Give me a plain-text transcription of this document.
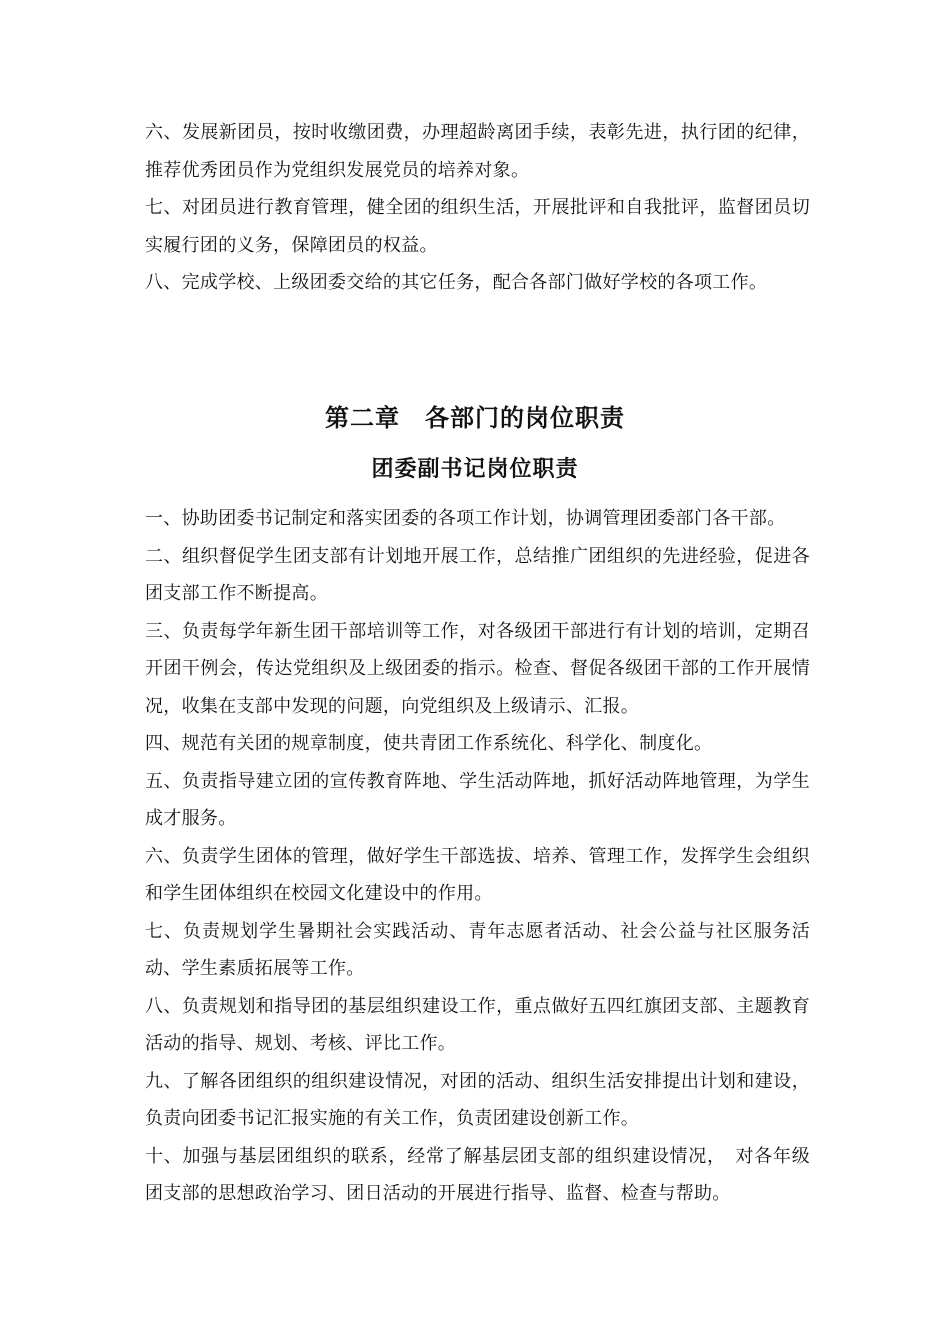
六、发展新团员，按时收缴团费，办理超龄离团手续，表彰先进，执行团的纪律，推荐优秀团员作为党组织发展党员的培养对象。

七、对团员进行教育管理，健全团的组织生活，开展批评和自我批评，监督团员切实履行团的义务，保障团员的权益。

八、完成学校、上级团委交给的其它任务，配合各部门做好学校的各项工作。

第二章　各部门的岗位职责
团委副书记岗位职责

一、协助团委书记制定和落实团委的各项工作计划，协调管理团委部门各干部。

二、组织督促学生团支部有计划地开展工作，总结推广团组织的先进经验，促进各团支部工作不断提高。

三、负责每学年新生团干部培训等工作，对各级团干部进行有计划的培训，定期召开团干例会，传达党组织及上级团委的指示。检查、督促各级团干部的工作开展情况，收集在支部中发现的问题，向党组织及上级请示、汇报。

四、规范有关团的规章制度，使共青团工作系统化、科学化、制度化。

五、负责指导建立团的宣传教育阵地、学生活动阵地，抓好活动阵地管理，为学生成才服务。

六、负责学生团体的管理，做好学生干部选拔、培养、管理工作，发挥学生会组织和学生团体组织在校园文化建设中的作用。

七、负责规划学生暑期社会实践活动、青年志愿者活动、社会公益与社区服务活动、学生素质拓展等工作。

八、负责规划和指导团的基层组织建设工作，重点做好五四红旗团支部、主题教育活动的指导、规划、考核、评比工作。

九、了解各团组织的组织建设情况，对团的活动、组织生活安排提出计划和建设，负责向团委书记汇报实施的有关工作，负责团建设创新工作。

十、加强与基层团组织的联系，经常了解基层团支部的组织建设情况，　对各年级团支部的思想政治学习、团日活动的开展进行指导、监督、检查与帮助。
